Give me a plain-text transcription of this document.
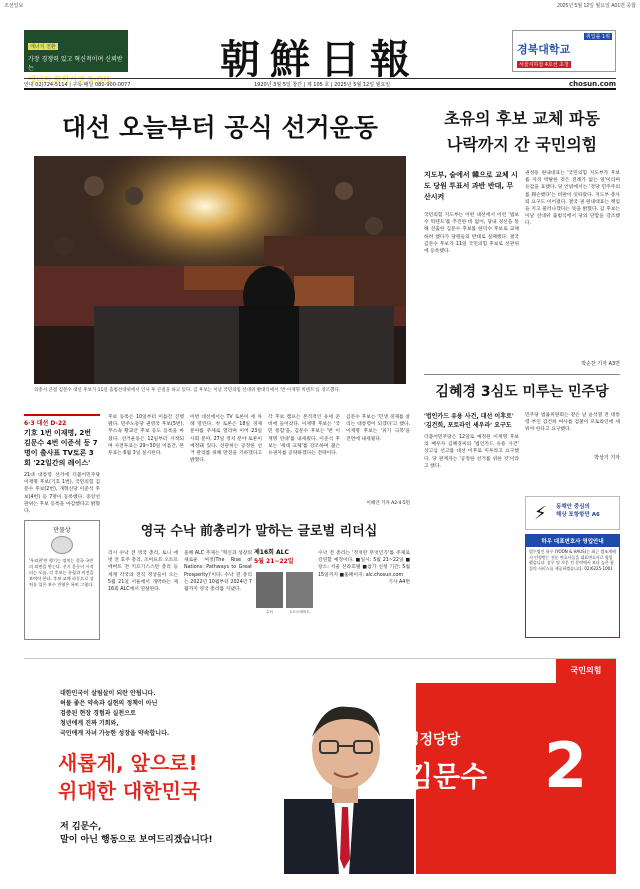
조선일보	2025년 5월 12일 월요일 A01면 종합
에너지 전환
가장 경쟁력 있고 혁신적이며 신뢰받는
에너지 화학기업 S-OIL	朝鮮日報	취업률 1위
경북대학교
서울지하철 4호선 초청
안내 02)724-5114 | 구독·배달 080-900-0077	1920년 3월 5일 창간 | 제 105 호 | 2025년 5월 12일 월요일	chosun.com
대선 오늘부터 공식 선거운동
의총서 큰절 김문수 대선 후보가 11일 출범선대위에서 인사 후 큰절을 하고 있다. 김 후보는 이날 국민의힘 선대위 발대식에서 '반 이재명 빅텐트'를 강조했다.
초유의 후보 교체 파동
나락까지 간 국민의힘
지도부, 숱에서 韓으로 교체 시도 당원 투표서 과반 반대, 무산시켜
국민의힘 지도부는 어떤 대선에서 이런 '범보수 빅텐트'를 추진한 바 없어, 당내 경선을 통해 선출한 김문수 후보를 한덕수 후보로 교체하려 했다가 당원들의 반대로 실패했다. 결국 김문수 후보가 11일 국민의힘 후보로 선관위에 등록했다.
권성동 원내대표는 '국민의힘 지도부가 후보를 자격 박탈한 것은 전례가 없는 일'이라며 유감을 표했다. 당 안팎에서는 '정당 민주주의를 훼손했다'는 비판이 잇따랐다. 지도부 총사퇴 요구도 이어졌다. 결국 권 원내대표는 책임을 지고 물러나겠다는 뜻을 밝혔다. 김 후보는 이날 선대위 출범식에서 당의 단합을 강조했다.
박순찬 기자 A3면
김혜경 3심도 미루는 민주당
'법인카드 유용 사건, 대선 이후로' '김건희, 포토라인 세우라' 요구도
더불어민주당은 12일로 예정된 이재명 후보의 배우자 김혜경씨의 '법인카드 유용 사건' 상고심 선고를 대선 이후로 미루라고 요구했다. 당 관계자는 '공정한 선거를 위한 것'이라고 했다.
민주당 법률위원회는 같은 날 윤석열 전 대통령 부인 김건희 여사를 검찰이 포토라인에 세워야 한다고 요구했다.
박상기 기자
⚡ 동해안 중심의
해상 포항항만 A6
하우 대표변호사 영입안내
법무법인 하우 (YOON & HAUS)는 최근 법조계에서 인정받는 전문 변호사들을 대표변호사로 영입했습니다. 송무 및 자문 전 분야에서 보다 높은 품질의 서비스를 제공하겠습니다. 02)6225-1001
6·3 대선 D-22
기호 1번 이재명, 2번 김문수 4번 이준석 등 7명이 출사표 TV토론 3회 '22일간의 레이스'
21대 대통령 선거에 더불어민주당 이재명 후보(기호 1번), 국민의힘 김문수 후보(2번), 개혁신당 이준석 후보(4번) 등 7명이 등록했다. 중앙선관위는 후보 등록을 마감했다고 밝혔다.
후보 등록은 10일부터 이틀간 진행됐다. 민주노동당 권영국 후보(5번), 무소속 황교안 후보 등도 등록을 마쳤다. 선거운동은 12일부터 시작되며 사전투표는 29~30일 이틀간, 본투표는 6월 3일 실시된다.
이번 대선에서는 TV 토론이 세 차례 열린다. 첫 토론은 18일 경제 분야를 주제로 열리며 이어 23일 사회 분야, 27일 정치 분야 토론이 예정돼 있다. 선관위는 공정한 선거 관리를 위해 만전을 기하겠다고 밝혔다.
각 후보 캠프는 본격적인 유세 준비에 들어갔다. 이재명 후보는 '국민 통합'을, 김문수 후보는 '반 이재명 연대'를 내세웠다. 이준석 후보는 '세대 교체'를 강조하며 젊은 유권자를 공략하겠다는 전략이다.
김문수 후보는 '민생 경제를 살리는 대통령이 되겠다'고 했다. 이재명 후보는 '위기 극복'을 전면에 내세웠다.
이해인 기자 A2·4·5면
만물상
'우리편'만 챙기는 정치는 결국 국민의 외면을 받는다. 선거 운동이 시작되는 오늘, 각 후보는 통합과 비전을 보여야 한다. 후보 교체 파동으로 상처를 입은 보수 진영은 특히 그렇다.
영국 수낙 前총리가 말하는 글로벌 리더십
리시 수낙 전 영국 총리, 토니 애벗 전 호주 총리, 조머프트 오트르에버트 전 키르기스스탄 총리 등 세계 각국의 전직 정상들이 오는 5월 21일 서울에서 개막하는 제16회 ALC에서 연설한다.
올해 ALC 주제는 '혁신과 성장의 새로운 여정(The Rise of Nations: Pathways to Great Prosperity)'이다. 수낙 전 총리는 2022년 10월부터 2024년 7월까지 영국 총리를 지냈다.
제16회 ALC
5월 21~22일
수낙	오트르에버트
수낙 전 총리는 '정치란 무엇인가'를 주제로 강연할 예정이다. ■일시: 5월 21~22일 ■장소: 서울 신라호텔 ■참가 신청 기간: 5월 15일까지 ■홈페이지: alc.chosun.com
기사 A4면
국민의힘
대한민국이 살림살이 되란 안됩니다.
허물 좋은 약속과 실현의 정책이 아닌
검증된 현장 경험과 실천으로
청년에게 진짜 기회와,
국민에게 자녀 가능한 성장을 약속합니다.
새롭게, 앞으로!
위대한 대한민국
저 김문수,
말이 아닌 행동으로 보여드리겠습니다!
정정당당
김문수 2
